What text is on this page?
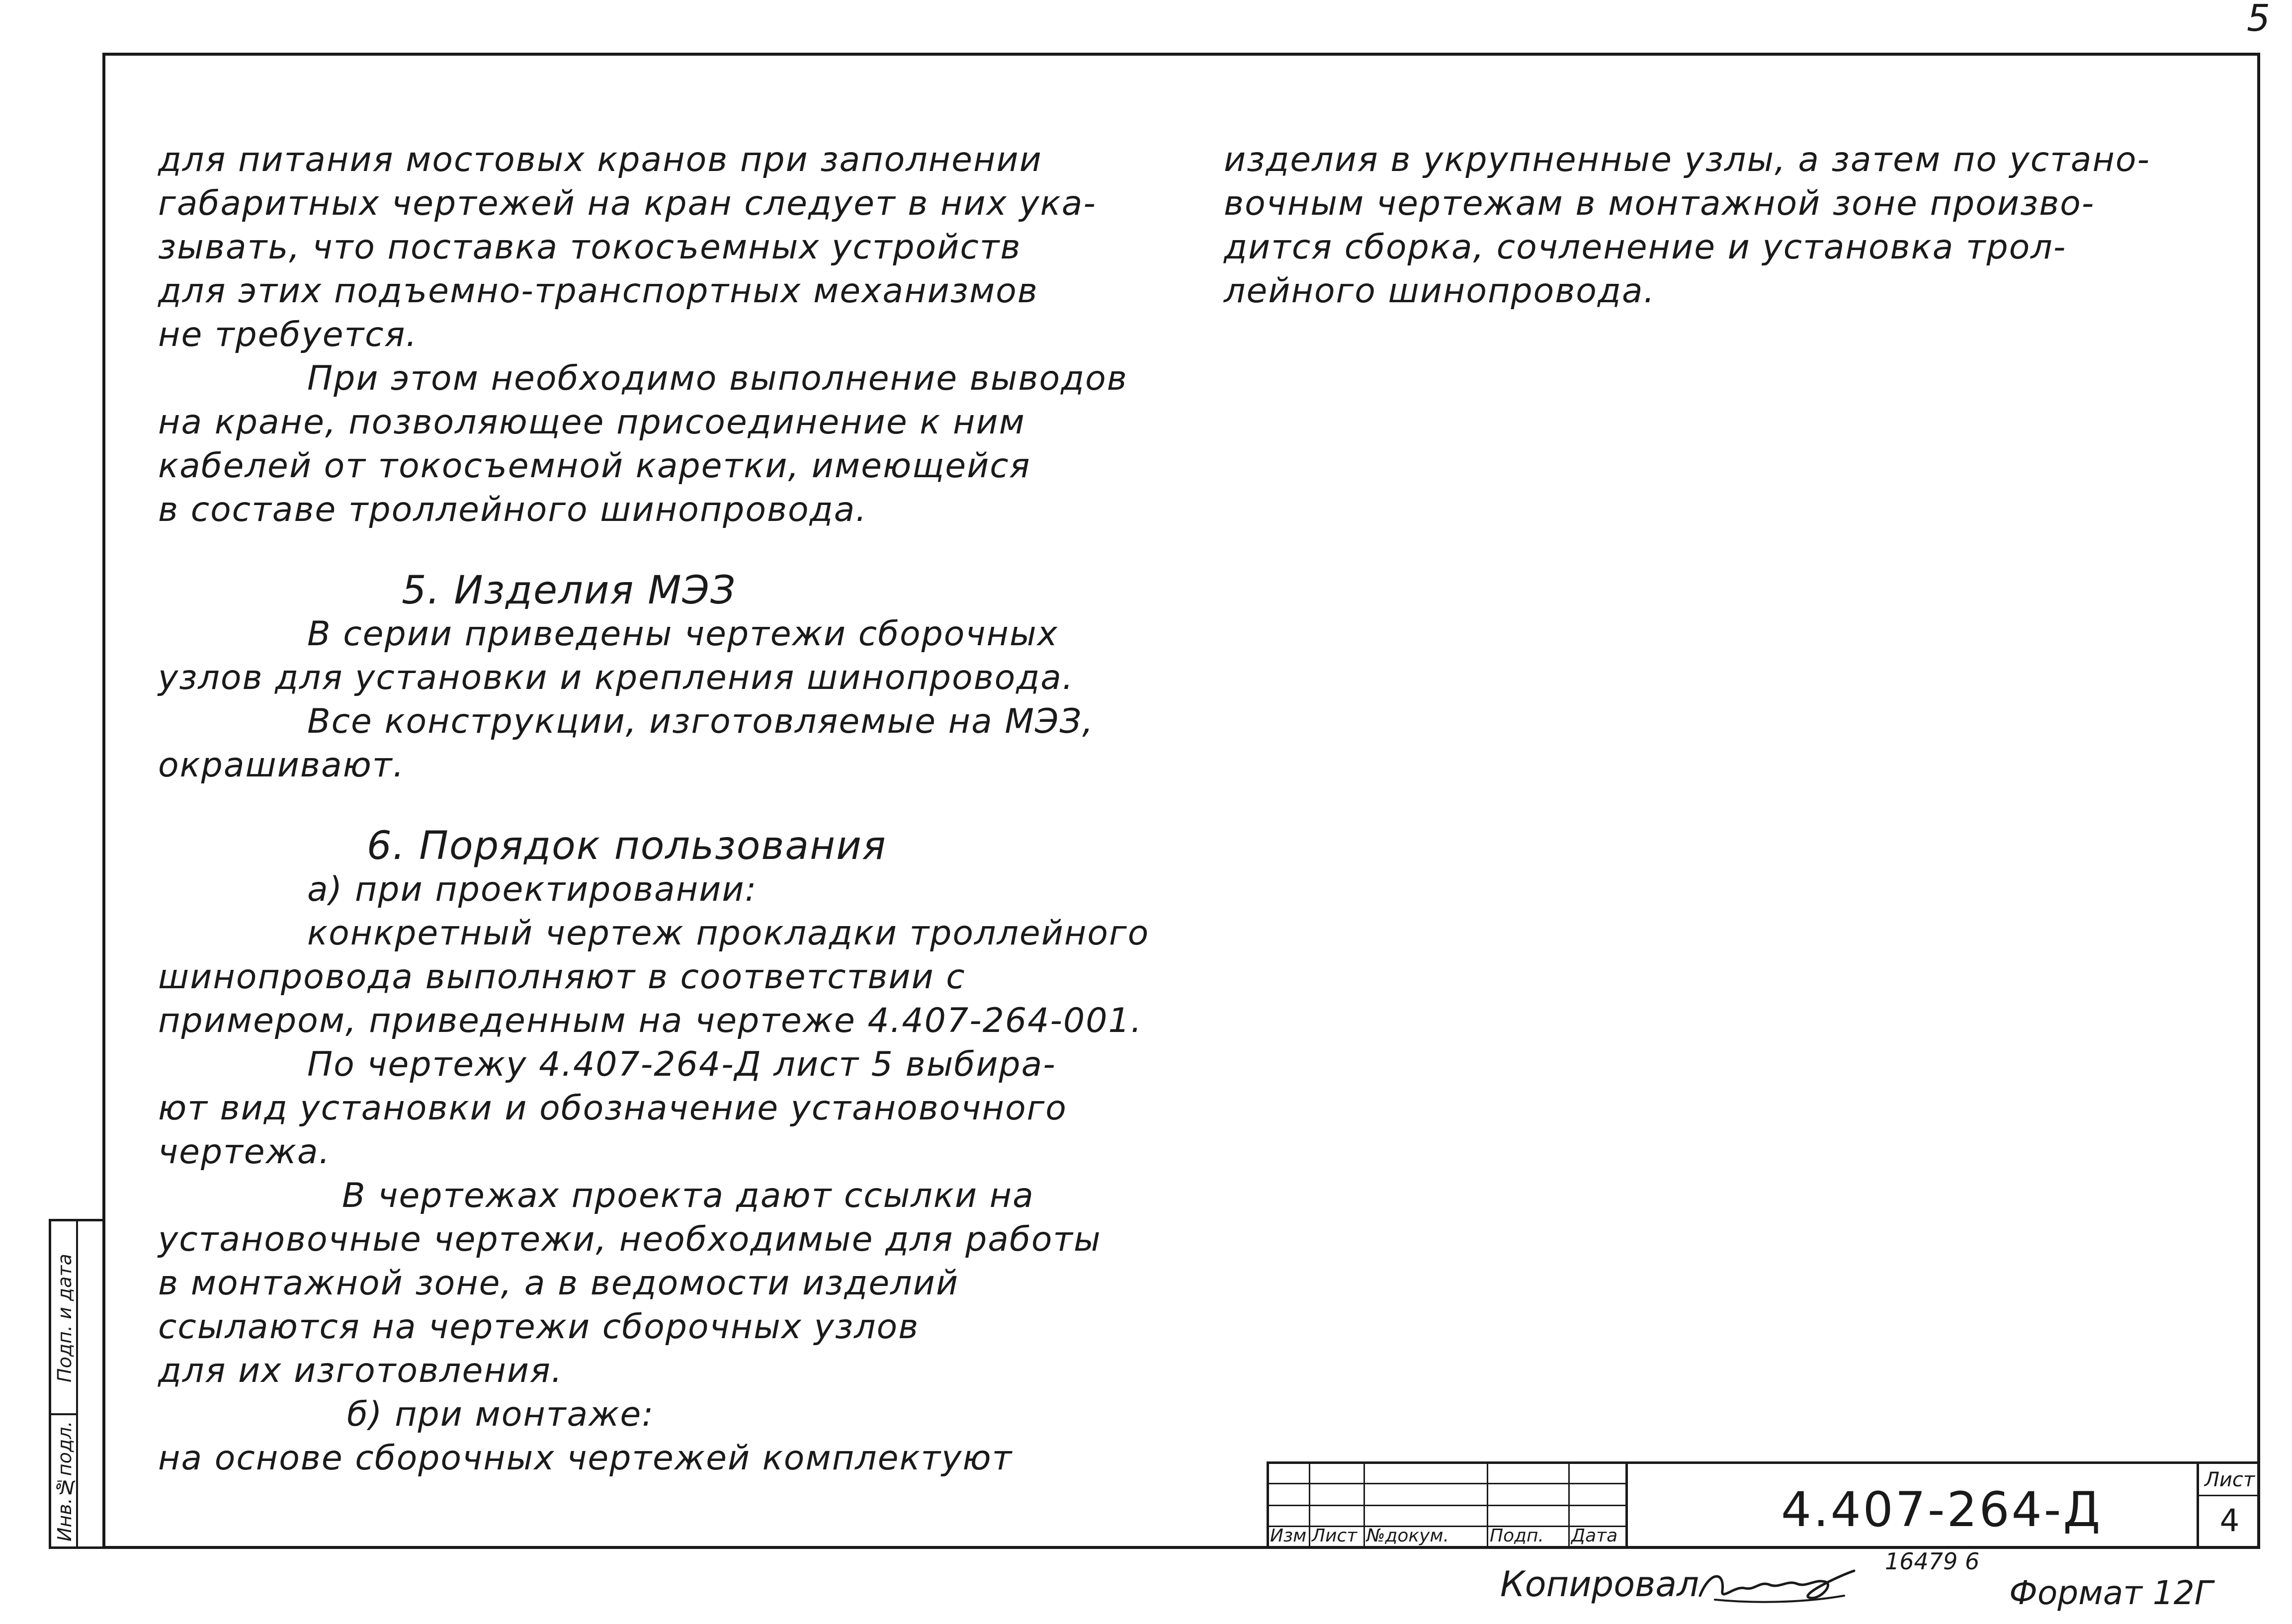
5
для питания мостовых кранов при заполнении
габаритных чертежей на кран следует в них ука-
зывать, что поставка токосъемных устройств
для этих подъемно-транспортных механизмов
не требуется.
При этом необходимо выполнение выводов
на кране, позволяющее присоединение к ним
кабелей от токосъемной каретки, имеющейся
в составе троллейного шинопровода.
5. Изделия МЭЗ
В серии приведены чертежи сборочных
узлов для установки и крепления шинопровода.
Все конструкции, изготовляемые на МЭЗ,
окрашивают.
6. Порядок пользования
а) при проектировании:
конкретный чертеж прокладки троллейного
шинопровода выполняют в соответствии с
примером, приведенным на чертеже 4.407-264-001.
По чертежу 4.407-264-Д лист 5 выбира-
ют вид установки и обозначение установочного
чертежа.
В чертежах проекта дают ссылки на
установочные чертежи, необходимые для работы
в монтажной зоне, а в ведомости изделий
ссылаются на чертежи сборочных узлов
для их изготовления.
б) при монтаже:
на основе сборочных чертежей комплектуют
изделия в укрупненные узлы, а затем по устано-
вочным чертежам в монтажной зоне произво-
дится сборка, сочленение и установка трол-
лейного шинопровода.
Подп. и дата
Инв.№подл.	Изм Лист №докум. Подп. Дата	4.407-264-Д
Лист
4
Копировал
16479 6
Формат 12Г
